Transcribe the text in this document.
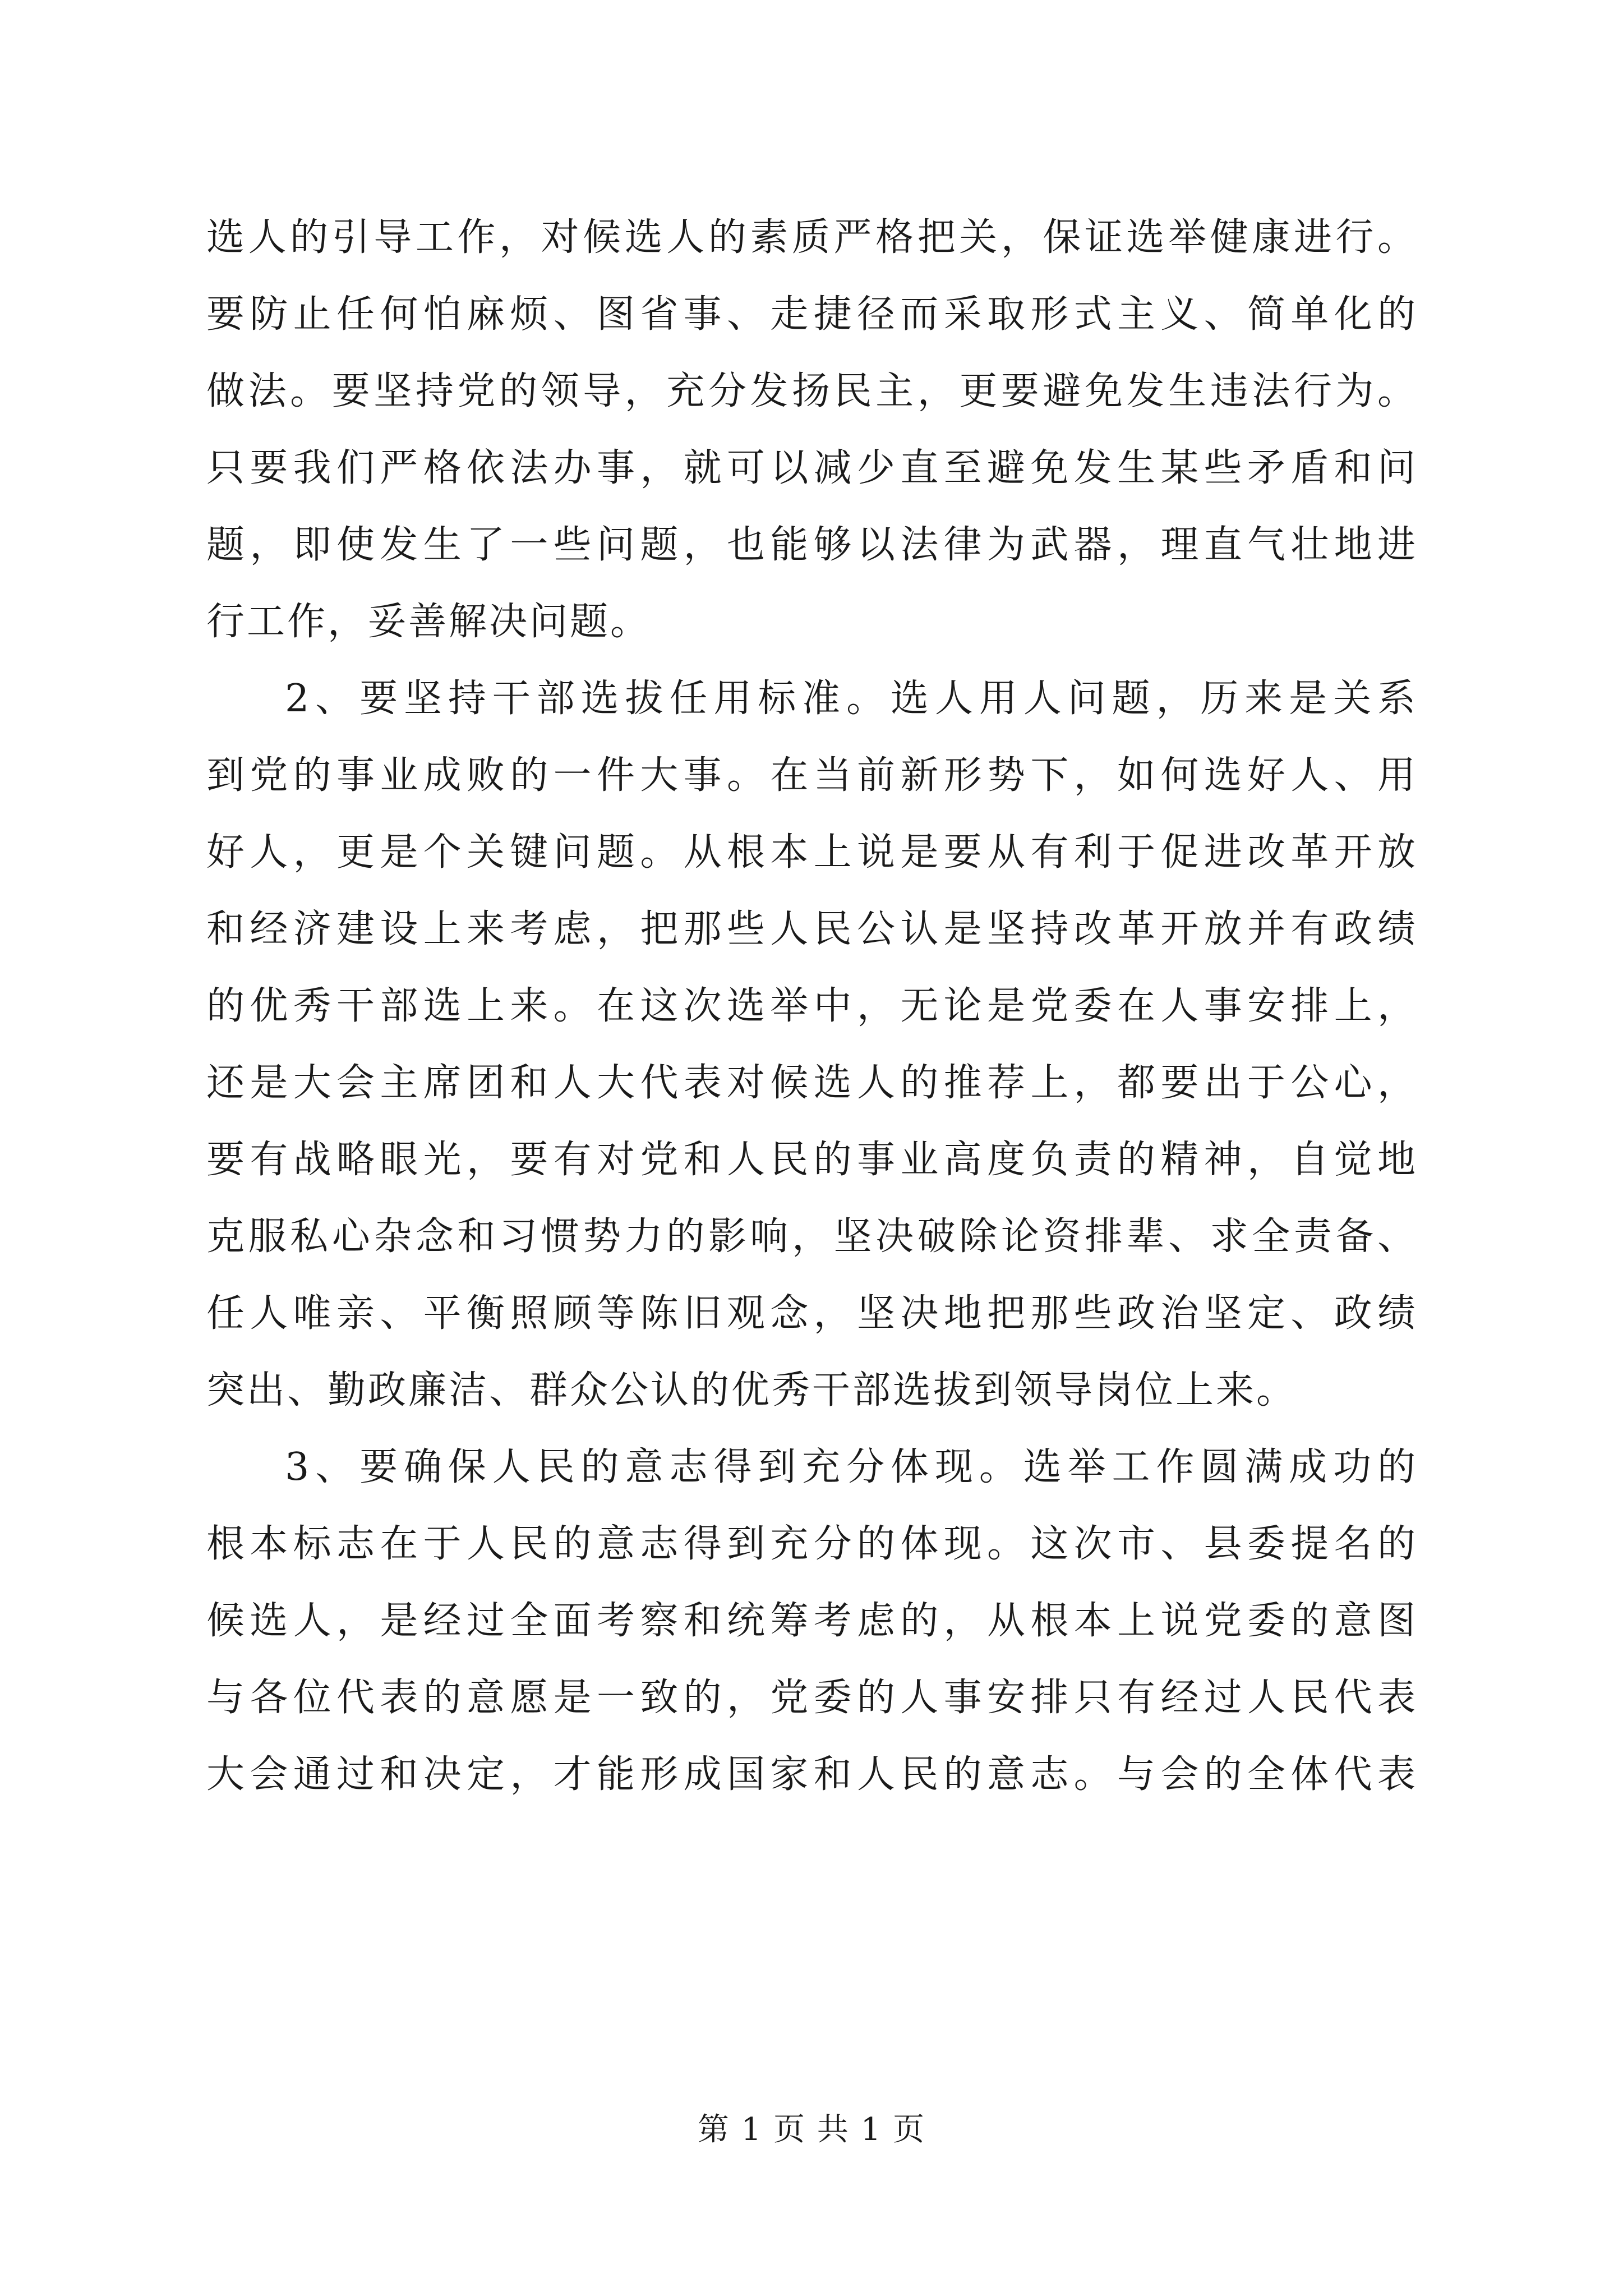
选人的引导工作，对候选人的素质严格把关，保证选举健康进行。
要防止任何怕麻烦、图省事、走捷径而采取形式主义、简单化的
做法。要坚持党的领导，充分发扬民主，更要避免发生违法行为。
只要我们严格依法办事，就可以减少直至避免发生某些矛盾和问
题，即使发生了一些问题，也能够以法律为武器，理直气壮地进
行工作，妥善解决问题。
2、要坚持干部选拔任用标准。选人用人问题，历来是关系
到党的事业成败的一件大事。在当前新形势下，如何选好人、用
好人，更是个关键问题。从根本上说是要从有利于促进改革开放
和经济建设上来考虑，把那些人民公认是坚持改革开放并有政绩
的优秀干部选上来。在这次选举中，无论是党委在人事安排上，
还是大会主席团和人大代表对候选人的推荐上，都要出于公心，
要有战略眼光，要有对党和人民的事业高度负责的精神，自觉地
克服私心杂念和习惯势力的影响，坚决破除论资排辈、求全责备、
任人唯亲、平衡照顾等陈旧观念，坚决地把那些政治坚定、政绩
突出、勤政廉洁、群众公认的优秀干部选拔到领导岗位上来。
3、要确保人民的意志得到充分体现。选举工作圆满成功的
根本标志在于人民的意志得到充分的体现。这次市、县委提名的
候选人，是经过全面考察和统筹考虑的，从根本上说党委的意图
与各位代表的意愿是一致的，党委的人事安排只有经过人民代表
大会通过和决定，才能形成国家和人民的意志。与会的全体代表
第 1 页 共 1 页
